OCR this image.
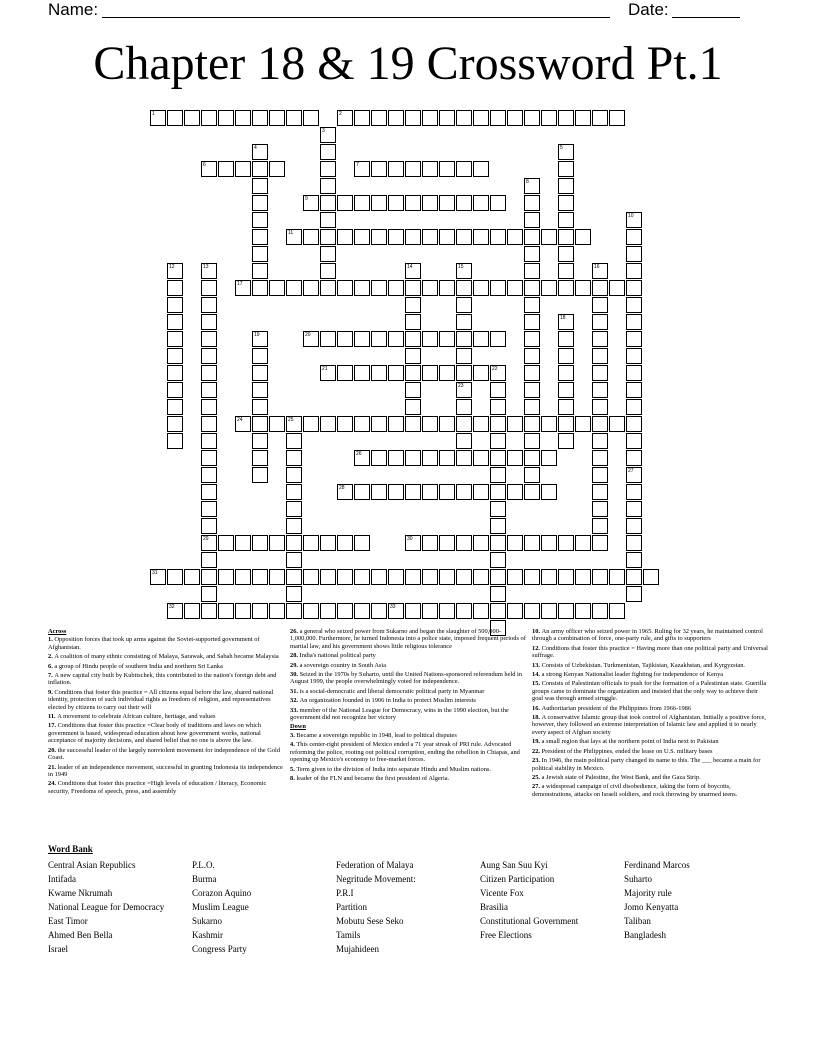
Name:	Date:
Chapter 18 & 19 Crossword Pt.1
1	2
6	7
9
11
17
20
21	22
24	25
26
28
29	30
31
32	33
3
4	5
8
10
27
12	13	14	15
23
16
18
19
Across
1. Opposition forces that took up arms against the Soviet-supported government of Afghanistan.
2. A coalition of many ethnic consisting of Malaya, Sarawak, and Sabah became Malaysia
6. a group of Hindu people of southern India and northern Sri Lanka
7. A new capital city built by Kubitschek, this contributed to the nation's foreign debt and inflation.
9. Conditions that foster this practice = All citizens equal before the law, shared national identity, protection of such individual rights as freedom of religion, and representatives elected by citizens to carry out their will
11. A movement to celebrate African culture, heritage, and values
17. Conditions that foster this practice =Clear body of traditions and laws on which government is based, widespread education about how government works, national acceptance of majority decisions, and shared belief that no one is above the law.
20. the successful leader of the largely nonviolent movement for independence of the Gold Coast.
21. leader of an independence movement, successful in granting Indonesia its independence in 1949
24. Conditions that foster this practice =High levels of education / literacy, Economic security, Freedoms of speech, press, and assembly
26. a general who seized power from Sukarno and began the slaughter of 500,000-1,000,000. Furthermore, he turned Indonesia into a police state, imposed frequent periods of martial law, and his government shows little religious tolerance
28. India's national political party
29. a sovereign country in South Asia
30. Seized in the 1970s by Suharto, until the United Nations-sponsored referendum held in August 1999, the people overwhelmingly voted for independence.
31. is a social-democratic and liberal democratic political party in Myanmar
32. An organization founded in 1906 in India to protect Muslim interests
33. member of the National League for Democracy, wins in the 1990 election, but the government did not recognize her victory
Down
3. Became a sovereign republic in 1948, lead to political disputes
4. This center-right president of Mexico ended a 71 year streak of PRI rule. Advocated reforming the police, rooting out political corruption, ending the rebellion in Chiapas, and opening up Mexico's economy to free-market forces.
5. Term given to the division of India into separate Hindu and Muslim nations.
8. leader of the FLN and became the first president of Algeria.
10. An army officer who seized power in 1965. Ruling for 32 years, he maintained control through a combination of force, one-party rule, and gifts to supporters
12. Conditions that foster this practice = Having more than one political party and Universal suffrage.
13. Consists of Uzbekistan. Turkmenistan, Tajikistan, Kazakhstan, and Kyrgyzstan.
14. a strong Kenyan Nationalist leader fighting for independence of Kenya
15. Consists of Palestinian officials to push for the formation of a Palestinian state. Guerilla groups came to dominate the organization and insisted that the only way to achieve their goal was through armed struggle.
16. Authoritarian president of the Philippines from 1966-1986
18. A conservative Islamic group that took control of Afghanistan. Initially a positive force, however, they followed an extreme interpretation of Islamic law and applied it to nearly every aspect of Afghan society
19. a small region that lays at the northern point of India next to Pakistan
22. President of the Philippines, ended the lease on U.S. military bases
23. In 1946, the main political party changed its name to this. The ___ became a main for political stability in Mexico.
25. a Jewish state of Palestine, the West Bank, and the Gaza Strip.
27. a widespread campaign of civil disobedience, taking the form of boycotts, demonstrations, attacks on Israeli soldiers, and rock throwing by unarmed teens.
Word Bank
Central Asian Republics
Intifada
Kwame Nkrumah
National League for Democracy
East Timor
Ahmed Ben Bella
Israel
P.L.O.
Burma
Corazon Aquino
Muslim League
Sukarno
Kashmir
Congress Party
Federation of Malaya
Negritude Movement:
P.R.I
Partition
Mobutu Sese Seko
Tamils
Mujahideen
Aung San Suu Kyi
Citizen Participation
Vicente Fox
Brasilia
Constitutional Government
Free Elections
Ferdinand Marcos
Suharto
Majority rule
Jomo Kenyatta
Taliban
Bangladesh
